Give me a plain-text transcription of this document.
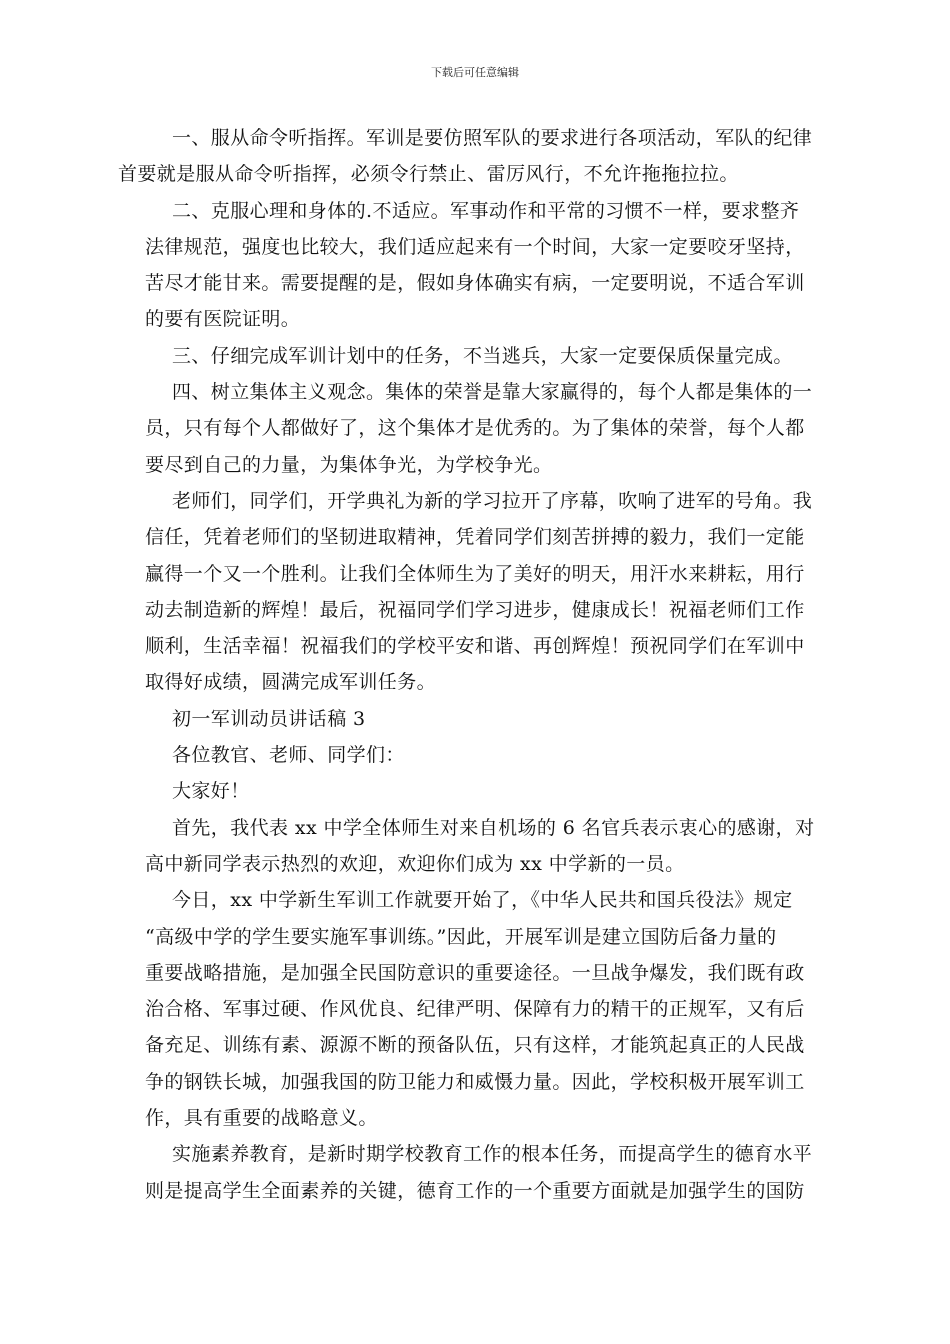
下载后可任意编辑

一、服从命令听指挥。军训是要仿照军队的要求进行各项活动，军队的纪律
首要就是服从命令听指挥，必须令行禁止、雷厉风行，不允许拖拖拉拉。

二、克服心理和身体的.不适应。军事动作和平常的习惯不一样，要求整齐
法律规范，强度也比较大，我们适应起来有一个时间，大家一定要咬牙坚持，
苦尽才能甘来。需要提醒的是，假如身体确实有病，一定要明说，不适合军训
的要有医院证明。

三、仔细完成军训计划中的任务，不当逃兵，大家一定要保质保量完成。

四、树立集体主义观念。集体的荣誉是靠大家赢得的，每个人都是集体的一
员，只有每个人都做好了，这个集体才是优秀的。为了集体的荣誉，每个人都
要尽到自己的力量，为集体争光，为学校争光。

老师们，同学们，开学典礼为新的学习拉开了序幕，吹响了进军的号角。我
信任，凭着老师们的坚韧进取精神，凭着同学们刻苦拼搏的毅力，我们一定能
赢得一个又一个胜利。让我们全体师生为了美好的明天，用汗水来耕耘，用行
动去制造新的辉煌！最后，祝福同学们学习进步，健康成长！祝福老师们工作
顺利，生活幸福！祝福我们的学校平安和谐、再创辉煌！预祝同学们在军训中
取得好成绩，圆满完成军训任务。

初一军训动员讲话稿 3

各位教官、老师、同学们：

大家好！

首先，我代表 xx 中学全体师生对来自机场的 6 名官兵表示衷心的感谢，对
高中新同学表示热烈的欢迎，欢迎你们成为 xx 中学新的一员。

今日，xx 中学新生军训工作就要开始了，《中华人民共和国兵役法》规定
“高级中学的学生要实施军事训练。”因此，开展军训是建立国防后备力量的
重要战略措施，是加强全民国防意识的重要途径。一旦战争爆发，我们既有政
治合格、军事过硬、作风优良、纪律严明、保障有力的精干的正规军，又有后
备充足、训练有素、源源不断的预备队伍，只有这样，才能筑起真正的人民战
争的钢铁长城，加强我国的防卫能力和威慑力量。因此，学校积极开展军训工
作，具有重要的战略意义。

实施素养教育，是新时期学校教育工作的根本任务，而提高学生的德育水平
则是提高学生全面素养的关键，德育工作的一个重要方面就是加强学生的国防
